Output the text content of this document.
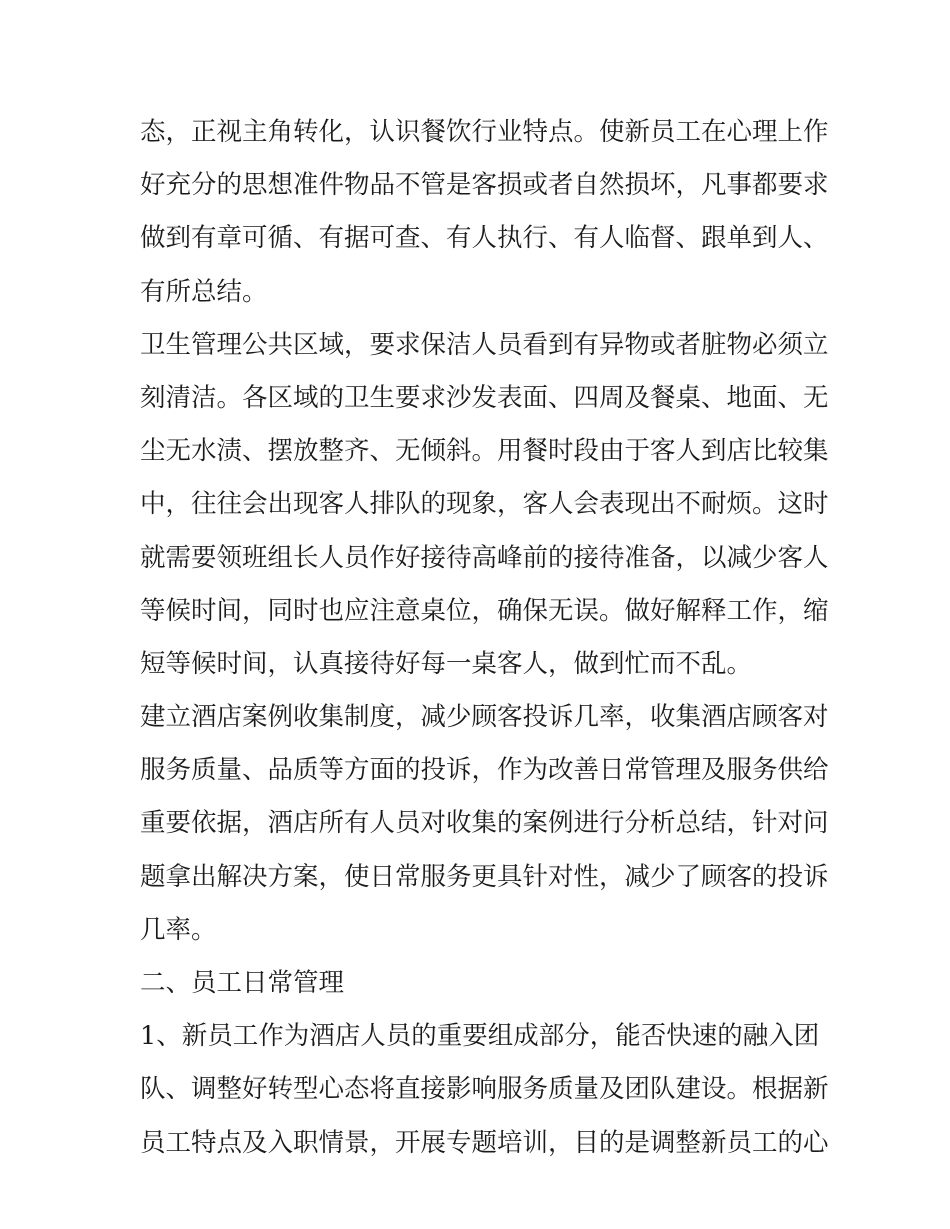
态，正视主角转化，认识餐饮行业特点。使新员工在心理上作
好充分的思想准件物品不管是客损或者自然损坏，凡事都要求
做到有章可循、有据可查、有人执行、有人临督、跟单到人、
有所总结。
卫生管理公共区域，要求保洁人员看到有异物或者脏物必须立
刻清洁。各区域的卫生要求沙发表面、四周及餐桌、地面、无
尘无水渍、摆放整齐、无倾斜。用餐时段由于客人到店比较集
中，往往会出现客人排队的现象，客人会表现出不耐烦。这时
就需要领班组长人员作好接待高峰前的接待准备，以减少客人
等候时间，同时也应注意桌位，确保无误。做好解释工作，缩
短等候时间，认真接待好每一桌客人，做到忙而不乱。
建立酒店案例收集制度，减少顾客投诉几率，收集酒店顾客对
服务质量、品质等方面的投诉，作为改善日常管理及服务供给
重要依据，酒店所有人员对收集的案例进行分析总结，针对问
题拿出解决方案，使日常服务更具针对性，减少了顾客的投诉
几率。
二、员工日常管理
1、新员工作为酒店人员的重要组成部分，能否快速的融入团
队、调整好转型心态将直接影响服务质量及团队建设。根据新
员工特点及入职情景，开展专题培训，目的是调整新员工的心
